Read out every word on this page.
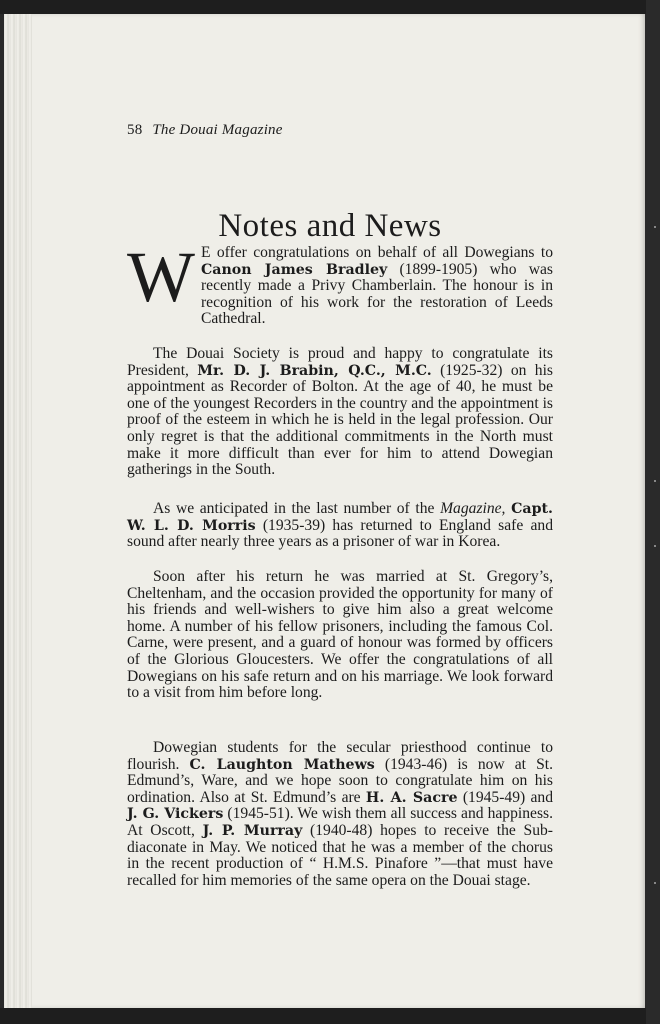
58 The Douai Magazine
Notes and News
W E offer congratulations on behalf of all Dowegians to Canon James Bradley (1899-1905) who was recently made a Privy Chamberlain. The honour is in recognition of his work for the restoration of Leeds Cathedral.

The Douai Society is proud and happy to congratulate its President, Mr. D. J. Brabin, Q.C., M.C. (1925-32) on his appointment as Recorder of Bolton. At the age of 40, he must be one of the youngest Recorders in the country and the appointment is proof of the esteem in which he is held in the legal profession. Our only regret is that the additional commitments in the North must make it more difficult than ever for him to attend Dowegian gatherings in the South.

As we anticipated in the last number of the Magazine, Capt. W. L. D. Morris (1935-39) has returned to England safe and sound after nearly three years as a prisoner of war in Korea.

Soon after his return he was married at St. Gregory’s, Cheltenham, and the occasion provided the opportunity for many of his friends and well-wishers to give him also a great welcome home. A number of his fellow prisoners, including the famous Col. Carne, were present, and a guard of honour was formed by officers of the Glorious Gloucesters. We offer the congratulations of all Dowegians on his safe return and on his marriage. We look forward to a visit from him before long.

Dowegian students for the secular priesthood continue to flourish. C. Laughton Mathews (1943-46) is now at St. Edmund’s, Ware, and we hope soon to congratulate him on his ordination. Also at St. Edmund’s are H. A. Sacre (1945-49) and J. G. Vickers (1945-51). We wish them all success and happiness. At Oscott, J. P. Murray (1940-48) hopes to receive the Sub-diaconate in May. We noticed that he was a member of the chorus in the recent production of “ H.M.S. Pinafore ”—that must have recalled for him memories of the same opera on the Douai stage.
